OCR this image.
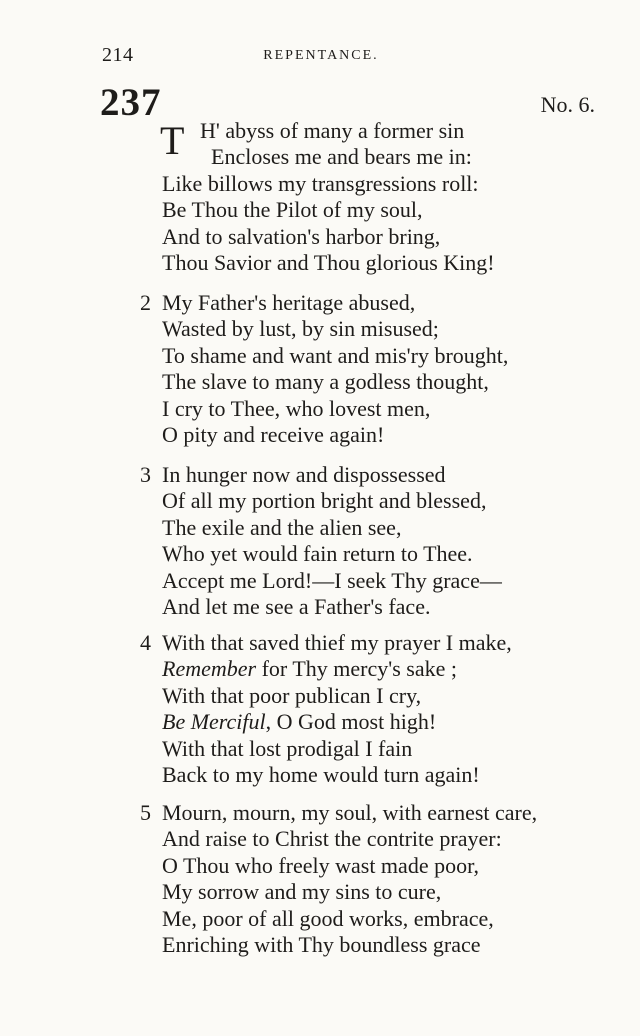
214	REPENTANCE.
237	No. 6.
T H' abyss of many a former sin
Encloses me and bears me in:
Like billows my transgressions roll:
Be Thou the Pilot of my soul,
And to salvation's harbor bring,
Thou Savior and Thou glorious King!
2 My Father's heritage abused,
Wasted by lust, by sin misused;
To shame and want and mis'ry brought,
The slave to many a godless thought,
I cry to Thee, who lovest men,
O pity and receive again!
3 In hunger now and dispossessed
Of all my portion bright and blessed,
The exile and the alien see,
Who yet would fain return to Thee.
Accept me Lord!—I seek Thy grace—
And let me see a Father's face.
4 With that saved thief my prayer I make,
Remember for Thy mercy's sake ;
With that poor publican I cry,
Be Merciful, O God most high!
With that lost prodigal I fain
Back to my home would turn again!
5 Mourn, mourn, my soul, with earnest care,
And raise to Christ the contrite prayer:
O Thou who freely wast made poor,
My sorrow and my sins to cure,
Me, poor of all good works, embrace,
Enriching with Thy boundless grace
